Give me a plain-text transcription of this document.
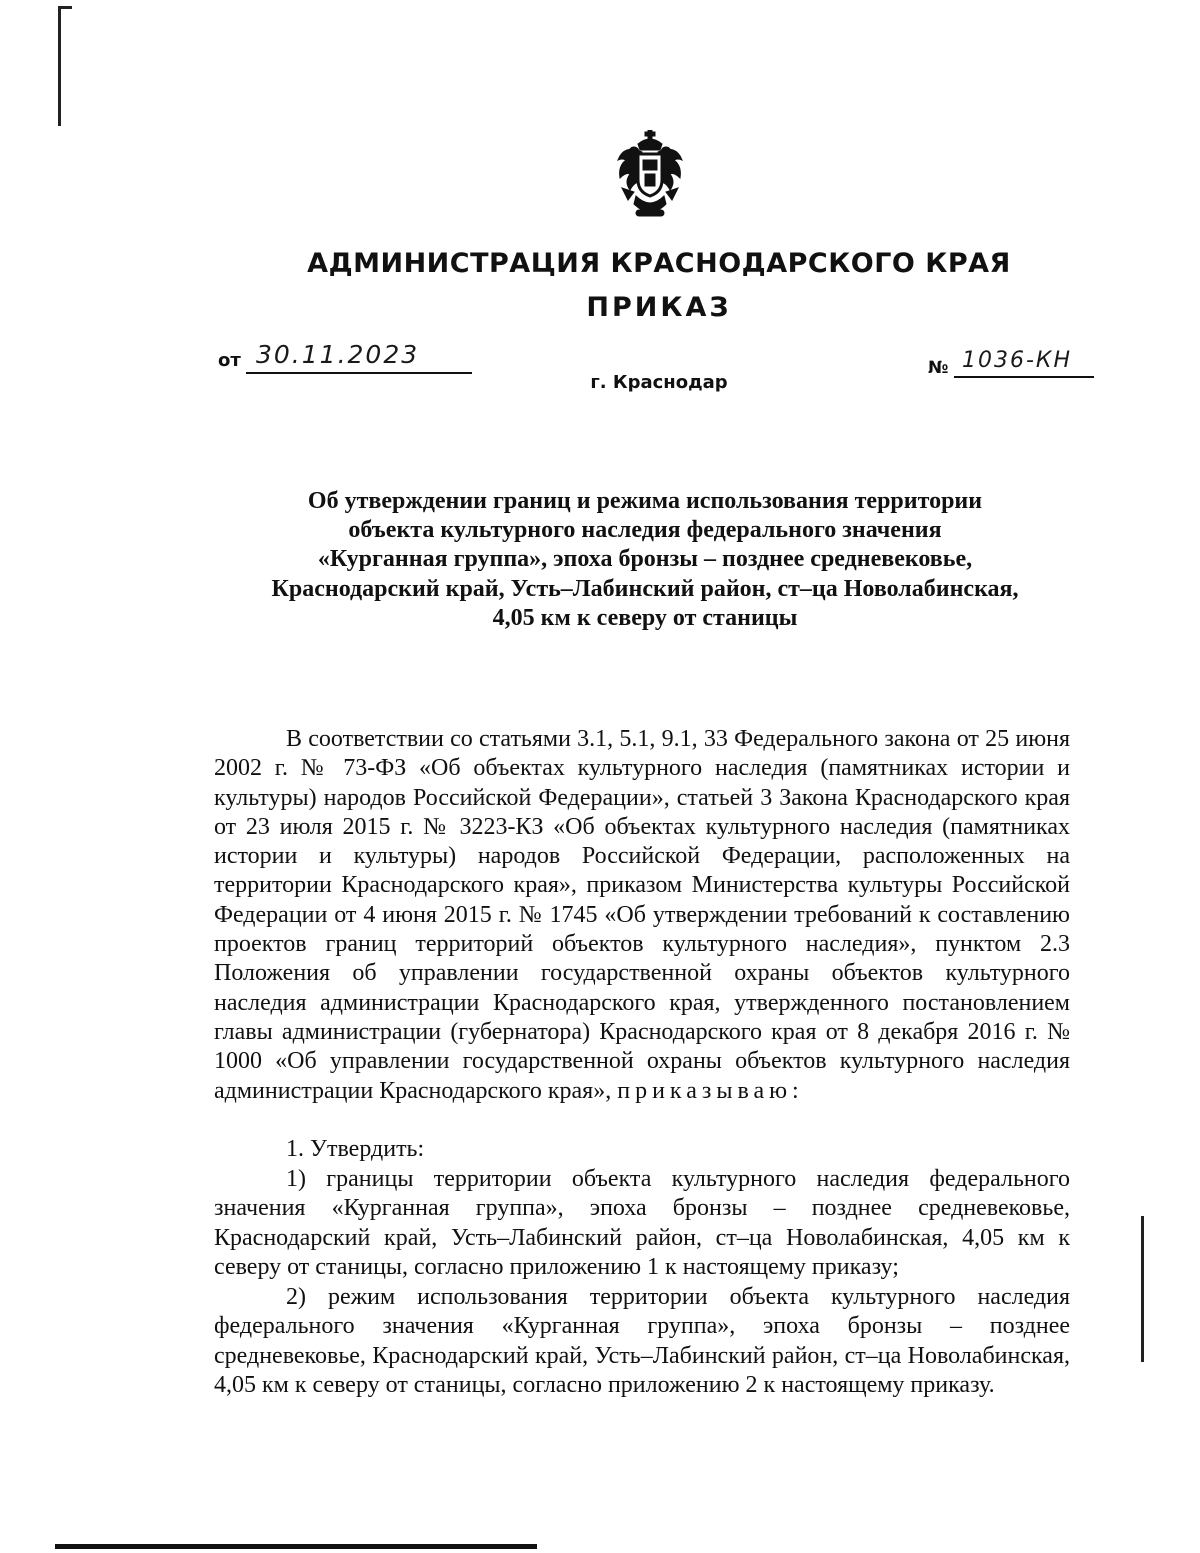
АДМИНИСТРАЦИЯ КРАСНОДАРСКОГО КРАЯ
ПРИКАЗ
от 30.11.2023
г. Краснодар
№ 1036-КН
Об утверждении границ и режима использования территории
объекта культурного наследия федерального значения
«Курганная группа», эпоха бронзы – позднее средневековье,
Краснодарский край, Усть–Лабинский район, ст–ца Новолабинская,
4,05 км к северу от станицы
В соответствии со статьями 3.1, 5.1, 9.1, 33 Федерального закона от 25 июня 2002 г. № 73-ФЗ «Об объектах культурного наследия (памятниках истории и культуры) народов Российской Федерации», статьей 3 Закона Краснодарского края от 23 июля 2015 г. № 3223-КЗ «Об объектах культурного наследия (памятниках истории и культуры) народов Российской Федерации, расположенных на территории Краснодарского края», приказом Министерства культуры Российской Федерации от 4 июня 2015 г. № 1745 «Об утверждении требований к составлению проектов границ территорий объектов культурного наследия», пунктом 2.3 Положения об управлении государственной охраны объектов культурного наследия администрации Краснодарского края, утвержденного постановлением главы администрации (губернатора) Краснодарского края от 8 декабря 2016 г. № 1000 «Об управлении государственной охраны объектов культурного наследия администрации Краснодарского края», приказываю:
1. Утвердить:
1) границы территории объекта культурного наследия федерального значения «Курганная группа», эпоха бронзы – позднее средневековье, Краснодарский край, Усть–Лабинский район, ст–ца Новолабинская, 4,05 км к северу от станицы, согласно приложению 1 к настоящему приказу;
2) режим использования территории объекта культурного наследия федерального значения «Курганная группа», эпоха бронзы – позднее средневековье, Краснодарский край, Усть–Лабинский район, ст–ца Новолабинская, 4,05 км к северу от станицы, согласно приложению 2 к настоящему приказу.
